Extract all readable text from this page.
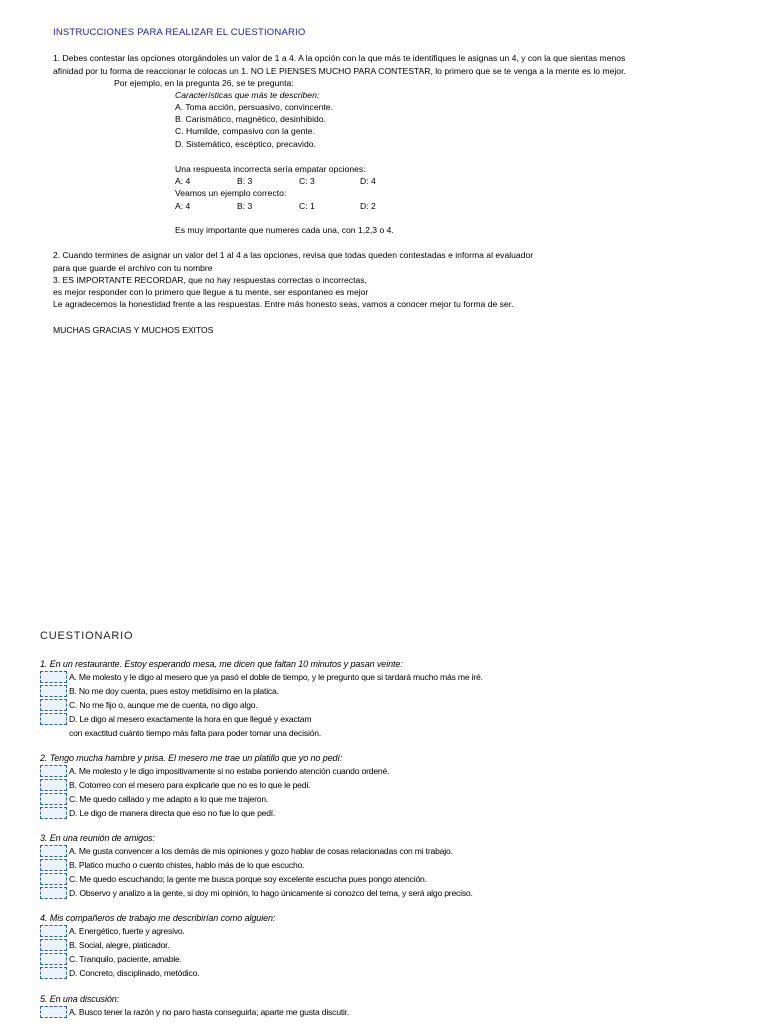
INSTRUCCIONES PARA REALIZAR EL CUESTIONARIO
1. Debes contestar las opciones otorgándoles un valor de 1 a 4. A la opción con la que más te identifiques le asignas un 4, y con la que sientas menos
afinidad por tu forma de reaccionar le colocas un 1. NO LE PIENSES MUCHO PARA CONTESTAR, lo primero que se te venga a la mente es lo mejor.
Por ejemplo, en la pregunta 26, se te pregunta:
Características que más te describen:
A. Toma acción, persuasivo, convincente.
B. Carismático, magnético, desinhibido.
C. Humilde, compasivo con la gente.
D. Sistemático, escéptico, precavido.
Una respuesta incorrecta sería empatar opciones:
A: 4	B: 3	C: 3	D: 4
Veamos un ejemplo correcto:
A: 4	B: 3	C: 1	D: 2
Es muy importante que numeres cada una, con 1,2,3 o 4.
2. Cuando termines de asignar un valor del 1 al 4 a las opciones, revisa que todas queden contestadas e informa al evaluador
para que guarde el archivo con tu nombre
3. ES IMPORTANTE RECORDAR, que no hay respuestas correctas o incorrectas,
es mejor responder con lo primero que llegue a tu mente, ser espontaneo es mejor
Le agradecemos la honestidad frente a las respuestas. Entre más honesto seas, vamos a conocer mejor tu forma de ser.
MUCHAS GRACIAS Y MUCHOS EXITOS
CUESTIONARIO
1. En un restaurante. Estoy esperando mesa, me dicen que faltan 10 minutos y pasan veinte:
A. Me molesto y le digo al mesero que ya pasó el doble de tiempo, y le pregunto que si tardará mucho más me iré.
B. No me doy cuenta, pues estoy metidísimo en la platica.
C. No me fijo o, aunque me de cuenta, no digo algo.
D. Le digo al mesero exactamente la hora en que llegué y exactam
con exactitud cuánto tiempo más falta para poder tomar una decisión.
2. Tengo mucha hambre y prisa. El mesero me trae un platillo que yo no pedí:
A. Me molesto y le digo impositivamente si no estaba poniendo atención cuando ordené.
B. Cotorreo con el mesero para explicarle que no es lo que le pedí.
C. Me quedo callado y me adapto a lo que me trajeron.
D. Le digo de manera directa que eso no fue lo que pedí.
3. En una reunión de amigos:
A. Me gusta convencer a los demás de mis opiniones y gozo hablar de cosas relacionadas con mi trabajo.
B. Platico mucho o cuento chistes, hablo más de lo que escucho.
C. Me quedo escuchando; la gente me busca porque soy excelente escucha pues pongo atención.
D. Observo y analizo a la gente, si doy mi opinión, lo hago únicamente si conozco del tema, y será algo preciso.
4. Mis compañeros de trabajo me describirían como alguien:
A. Energético, fuerte y agresivo.
B. Social, alegre, platicador.
C. Tranquilo, paciente, amable.
D. Concreto, disciplinado, metódico.
5. En una discusión:
A. Busco tener la razón y no paro hasta conseguirla; aparte me gusta discutir.
